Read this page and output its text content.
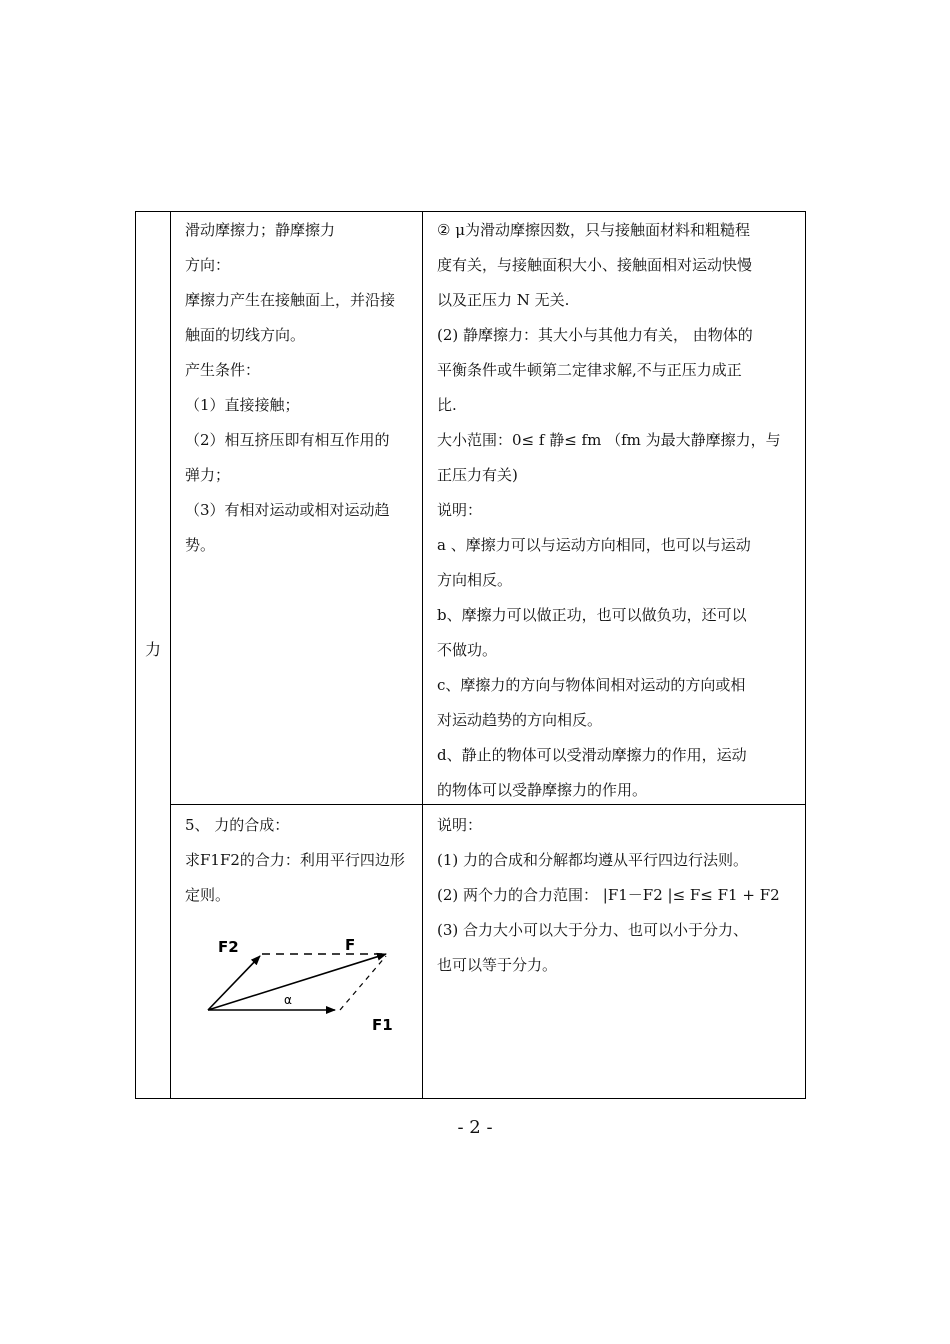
力

滑动摩擦力；静摩擦力

方向：

摩擦力产生在接触面上，并沿接

触面的切线方向。

产生条件：

（1）直接接触；

（2）相互挤压即有相互作用的

弹力；

（3）有相对运动或相对运动趋

势。

② μ为滑动摩擦因数，只与接触面材料和粗糙程

度有关，与接触面积大小、接触面相对运动快慢

以及正压力 N 无关.

(2) 静摩擦力：其大小与其他力有关， 由物体的

平衡条件或牛顿第二定律求解,不与正压力成正

比.

大小范围：0≤ f 静≤ fm （fm 为最大静摩擦力，与

正压力有关)

说明：

a 、摩擦力可以与运动方向相同，也可以与运动

方向相反。

b、摩擦力可以做正功，也可以做负功，还可以

不做功。

c、摩擦力的方向与物体间相对运动的方向或相

对运动趋势的方向相反。

d、静止的物体可以受滑动摩擦力的作用，运动

的物体可以受静摩擦力的作用。

5、 力的合成：

求F1F2的合力：利用平行四边形

定则。

F2	F
α
F1

说明：

(1) 力的合成和分解都均遵从平行四边行法则。

(2) 两个力的合力范围： |F1－F2 |≤ F≤ F1 + F2

(3) 合力大小可以大于分力、也可以小于分力、

也可以等于分力。

- 2 -
